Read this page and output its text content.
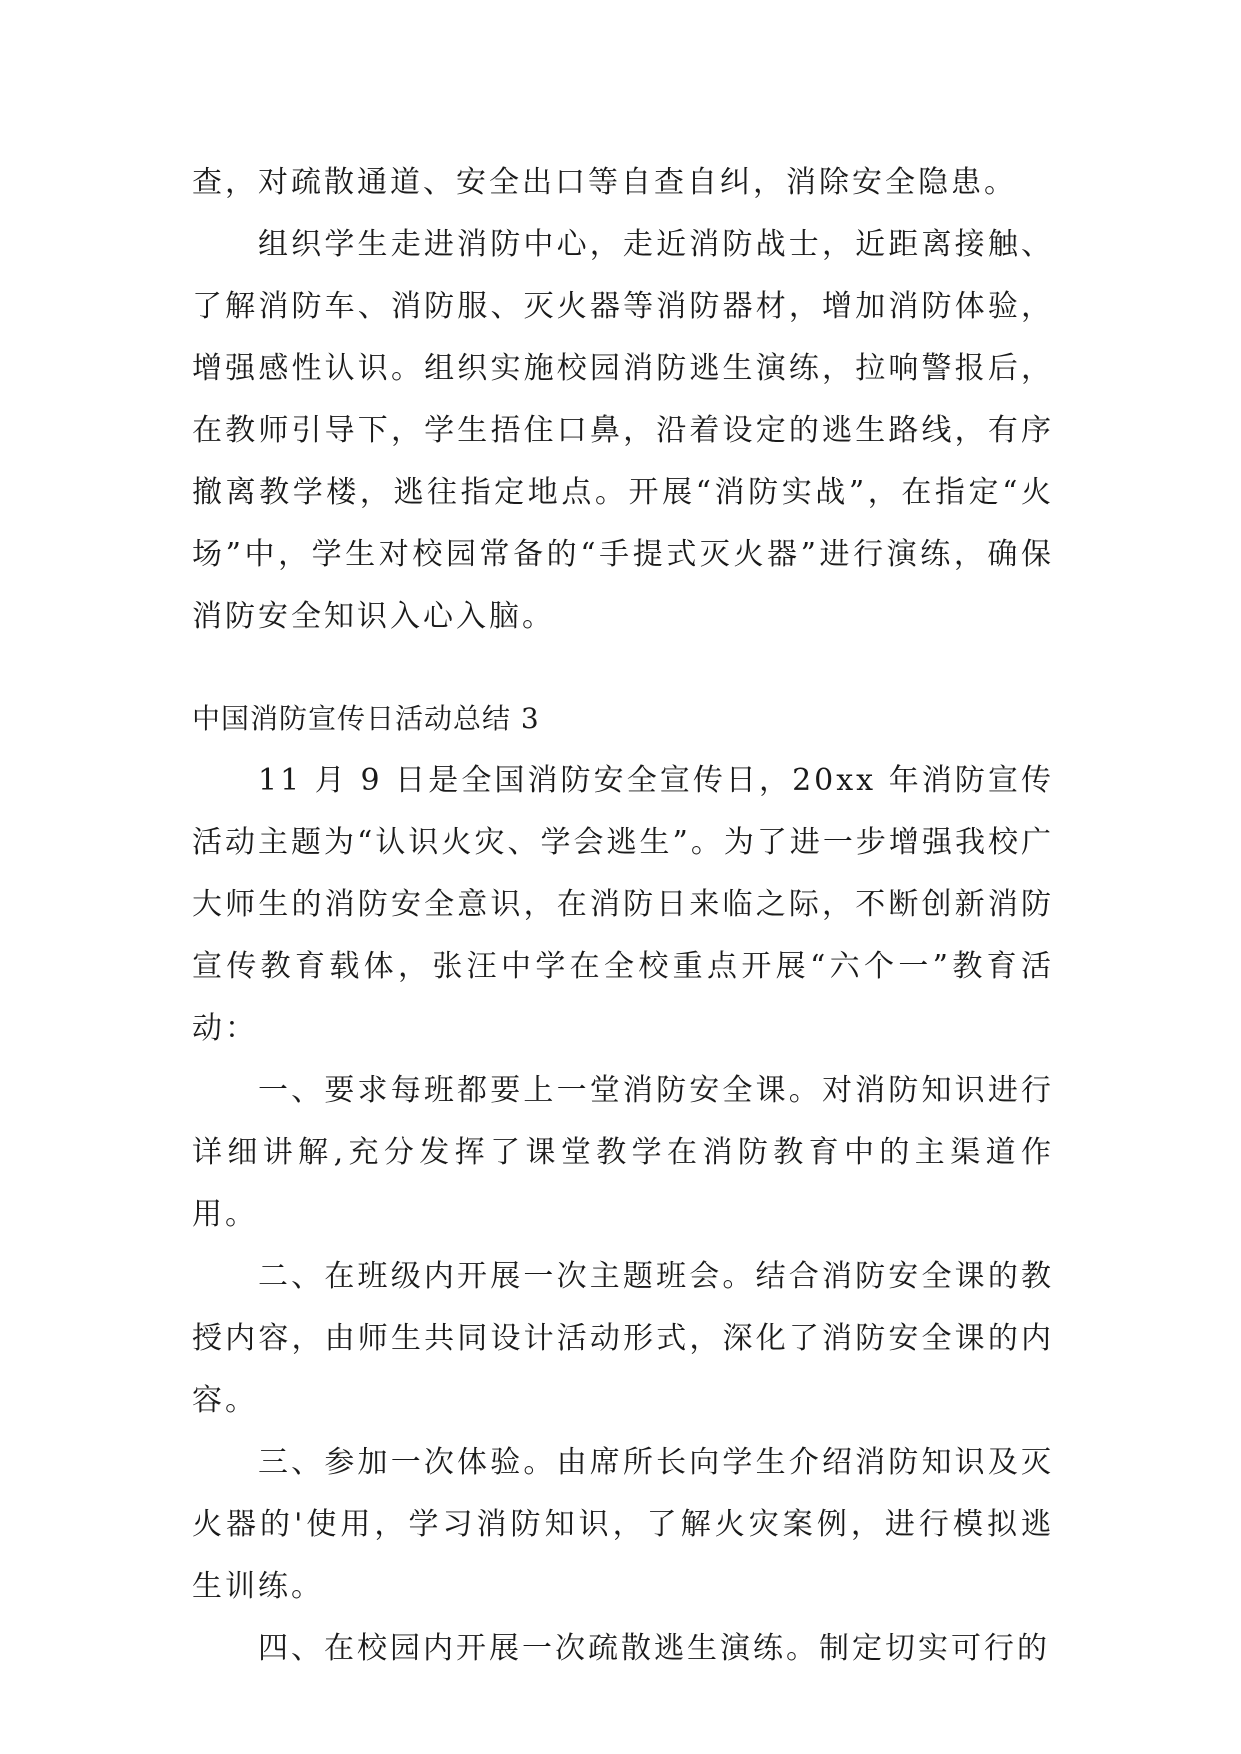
查，对疏散通道、安全出口等自查自纠，消除安全隐患。

组织学生走进消防中心，走近消防战士，近距离接触、了解消防车、消防服、灭火器等消防器材，增加消防体验，增强感性认识。组织实施校园消防逃生演练，拉响警报后，在教师引导下，学生捂住口鼻，沿着设定的逃生路线，有序撤离教学楼，逃往指定地点。开展“消防实战”，在指定“火场”中，学生对校园常备的“手提式灭火器”进行演练，确保消防安全知识入心入脑。

中国消防宣传日活动总结 3

11 月 9 日是全国消防安全宣传日，20xx 年消防宣传活动主题为“认识火灾、学会逃生”。为了进一步增强我校广大师生的消防安全意识，在消防日来临之际，不断创新消防宣传教育载体，张汪中学在全校重点开展“六个一”教育活动：

一、要求每班都要上一堂消防安全课。对消防知识进行详细讲解,充分发挥了课堂教学在消防教育中的主渠道作用。

二、在班级内开展一次主题班会。结合消防安全课的教授内容，由师生共同设计活动形式，深化了消防安全课的内容。

三、参加一次体验。由席所长向学生介绍消防知识及灭火器的'使用，学习消防知识，了解火灾案例，进行模拟逃生训练。

四、在校园内开展一次疏散逃生演练。制定切实可行的
